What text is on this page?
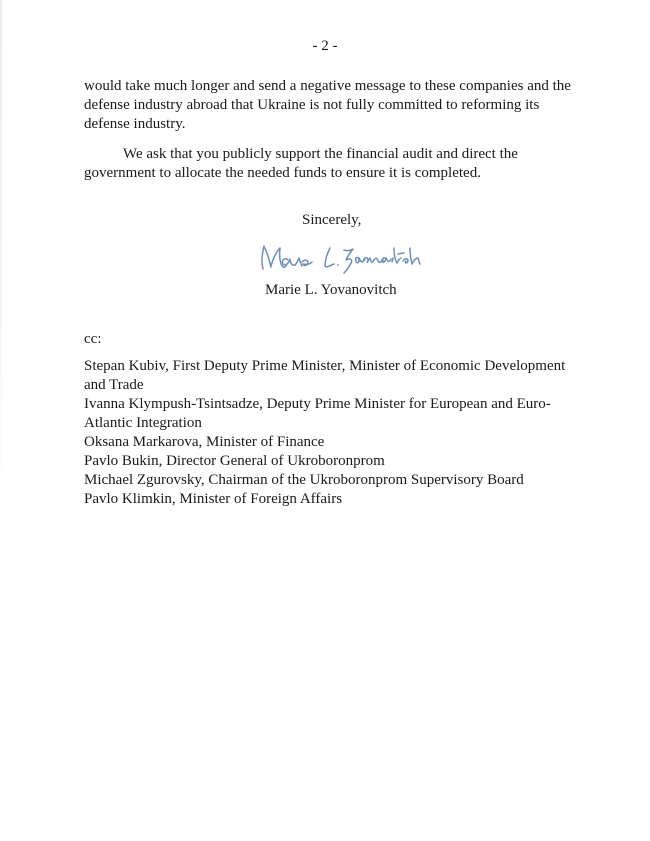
- 2 -
would take much longer and send a negative message to these companies and the
defense industry abroad that Ukraine is not fully committed to reforming its
defense industry.
We ask that you publicly support the financial audit and direct the
government to allocate the needed funds to ensure it is completed.
Sincerely,
Marie L. Yovanovitch
cc:
Stepan Kubiv, First Deputy Prime Minister, Minister of Economic Development
and Trade
Ivanna Klympush-Tsintsadze, Deputy Prime Minister for European and Euro-
Atlantic Integration
Oksana Markarova, Minister of Finance
Pavlo Bukin, Director General of Ukroboronprom
Michael Zgurovsky, Chairman of the Ukroboronprom Supervisory Board
Pavlo Klimkin, Minister of Foreign Affairs
